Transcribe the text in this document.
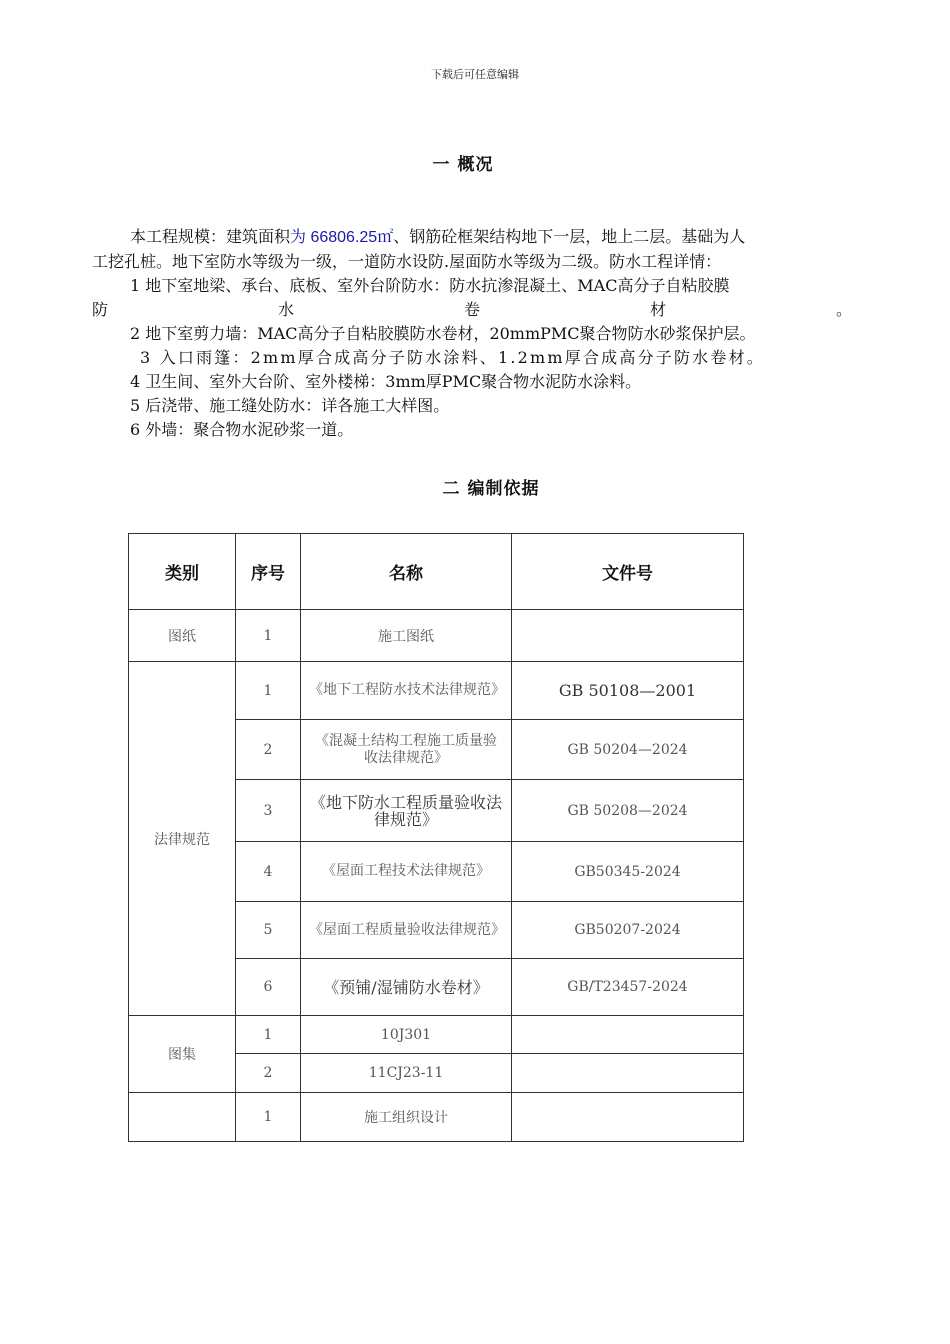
下载后可任意编辑
一 概况
本工程规模：建筑面积为 66806.25㎡、钢筋砼框架结构地下一层，地上二层。基础为人
工挖孔桩。地下室防水等级为一级，一道防水设防.屋面防水等级为二级。防水工程详情：
1 地下室地梁、承台、底板、室外台阶防水：防水抗渗混凝土、MAC高分子自粘胶膜
防	水	卷	材	。
2 地下室剪力墙：MAC高分子自粘胶膜防水卷材，20mmPMC聚合物防水砂浆保护层。
3 入口雨篷：2mm厚合成高分子防水涂料、1.2mm厚合成高分子防水卷材。
4 卫生间、室外大台阶、室外楼梯：3mm厚PMC聚合物水泥防水涂料。
5 后浇带、施工缝处防水：详各施工大样图。
6 外墙：聚合物水泥砂浆一道。
二 编制依据
类别	序号	名称	文件号
图纸	1	施工图纸	
法律规范	1	《地下工程防水技术法律规范》	GB 50108—2001
	2	《混凝土结构工程施工质量验收法律规范》	GB 50204—2024
	3	《地下防水工程质量验收法律规范》	GB 50208—2024
	4	《屋面工程技术法律规范》	GB50345-2024
	5	《屋面工程质量验收法律规范》	GB50207-2024
	6	《预铺/湿铺防水卷材》	GB/T23457-2024
图集	1	10J301	
	2	11CJ23-11	
	1	施工组织设计	
